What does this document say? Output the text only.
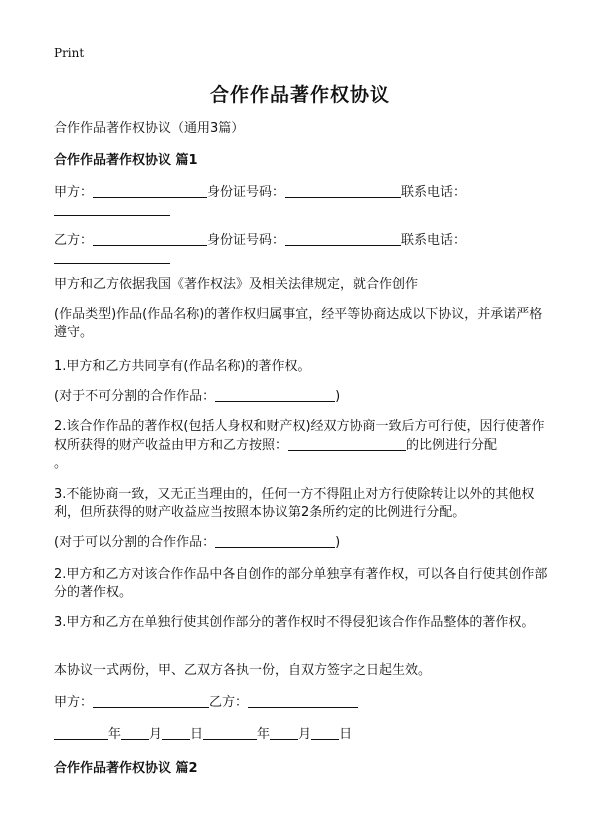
Print
合作作品著作权协议
合作作品著作权协议（通用3篇）
合作作品著作权协议 篇1
甲方：	身份证号码：	联系电话：
乙方：	身份证号码：	联系电话：
甲方和乙方依据我国《著作权法》及相关法律规定，就合作创作
(作品类型)作品(作品名称)的著作权归属事宜，经平等协商达成以下协议，并承诺严格遵守。
1.甲方和乙方共同享有(作品名称)的著作权。
(对于不可分割的合作作品：	)
2.该合作作品的著作权(包括人身权和财产权)经双方协商一致后方可行使，因行使著作权所获得的财产收益由甲方和乙方按照：	的比例进行分配
。
3.不能协商一致，又无正当理由的，任何一方不得阻止对方行使除转让以外的其他权利，但所获得的财产收益应当按照本协议第2条所约定的比例进行分配。
(对于可以分割的合作作品：	)
2.甲方和乙方对该合作作品中各自创作的部分单独享有著作权，可以各自行使其创作部分的著作权。
3.甲方和乙方在单独行使其创作部分的著作权时不得侵犯该合作作品整体的著作权。
本协议一式两份，甲、乙双方各执一份，自双方签字之日起生效。
甲方：	乙方：
年 月 日	年 月 日
合作作品著作权协议 篇2
